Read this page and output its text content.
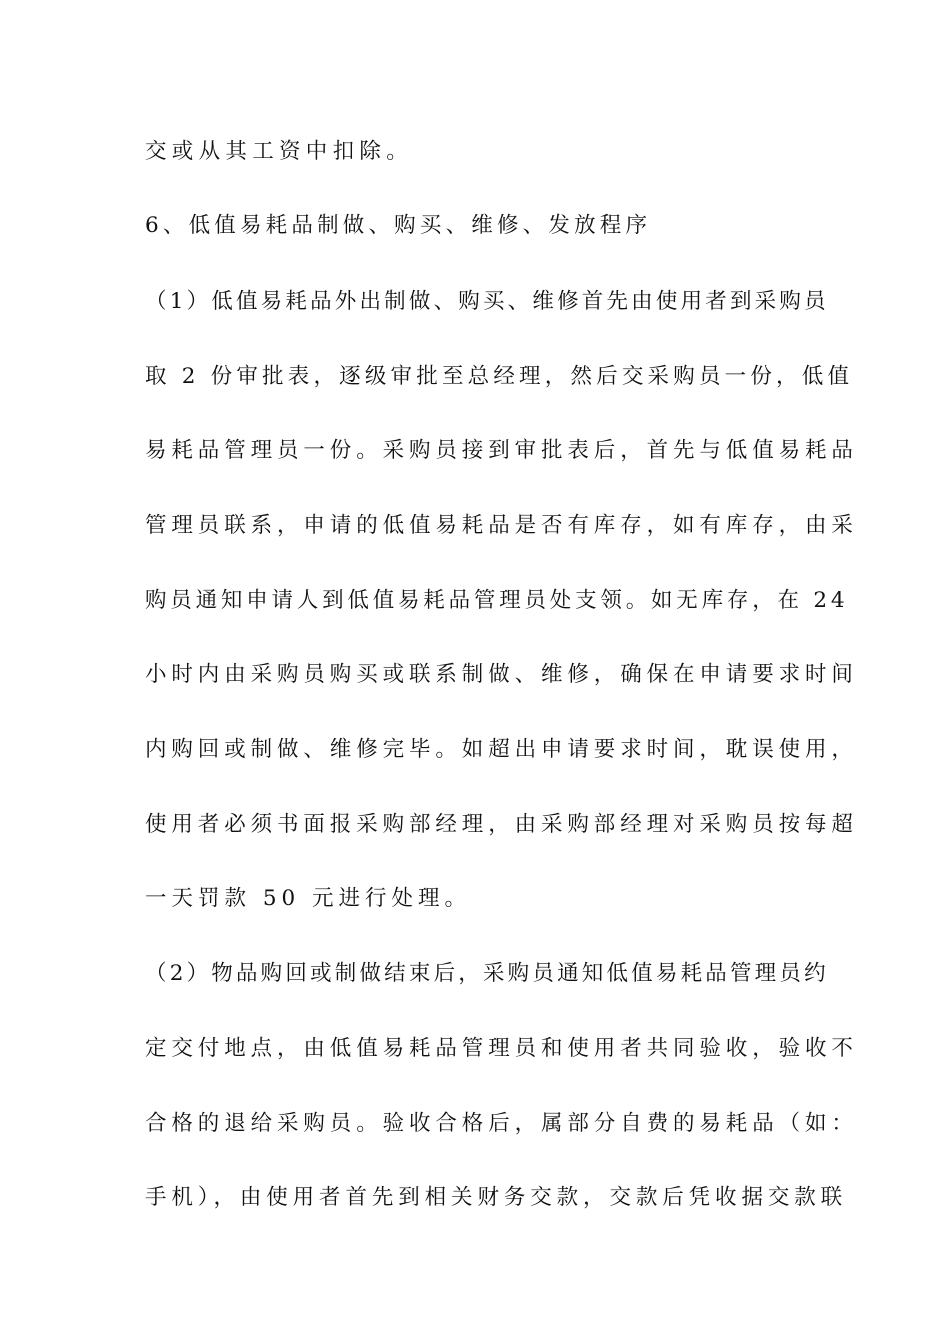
交或从其工资中扣除。
6、低值易耗品制做、购买、维修、发放程序
（1）低值易耗品外出制做、购买、维修首先由使用者到采购员
取 2 份审批表，逐级审批至总经理，然后交采购员一份，低值
易耗品管理员一份。采购员接到审批表后，首先与低值易耗品
管理员联系，申请的低值易耗品是否有库存，如有库存，由采
购员通知申请人到低值易耗品管理员处支领。如无库存，在 24
小时内由采购员购买或联系制做、维修，确保在申请要求时间
内购回或制做、维修完毕。如超出申请要求时间，耽误使用，
使用者必须书面报采购部经理，由采购部经理对采购员按每超
一天罚款 50 元进行处理。
（2）物品购回或制做结束后，采购员通知低值易耗品管理员约
定交付地点，由低值易耗品管理员和使用者共同验收，验收不
合格的退给采购员。验收合格后，属部分自费的易耗品（如：
手机），由使用者首先到相关财务交款，交款后凭收据交款联
